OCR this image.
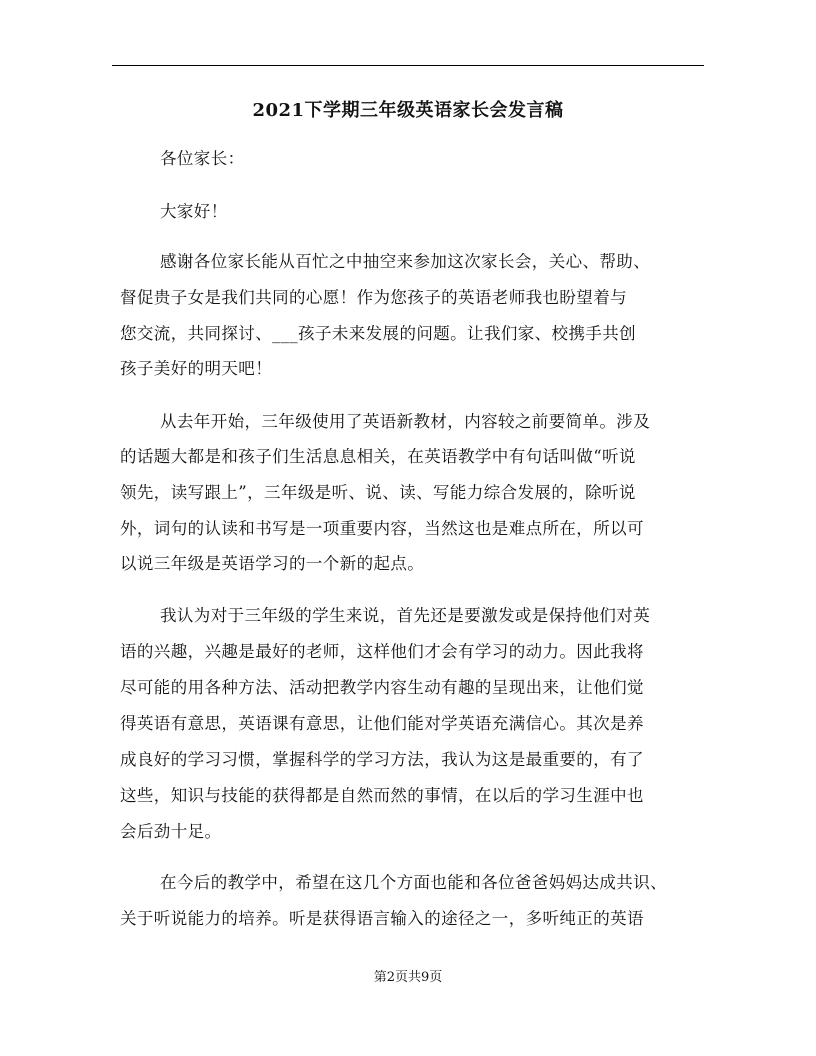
2021下学期三年级英语家长会发言稿
各位家长：
大家好！
感谢各位家长能从百忙之中抽空来参加这次家长会，关心、帮助、
督促贵子女是我们共同的心愿！作为您孩子的英语老师我也盼望着与
您交流，共同探讨、___孩子未来发展的问题。让我们家、校携手共创
孩子美好的明天吧！
从去年开始，三年级使用了英语新教材，内容较之前要简单。涉及
的话题大都是和孩子们生活息息相关，在英语教学中有句话叫做“听说
领先，读写跟上”，三年级是听、说、读、写能力综合发展的，除听说
外，词句的认读和书写是一项重要内容，当然这也是难点所在，所以可
以说三年级是英语学习的一个新的起点。
我认为对于三年级的学生来说，首先还是要激发或是保持他们对英
语的兴趣，兴趣是最好的老师，这样他们才会有学习的动力。因此我将
尽可能的用各种方法、活动把教学内容生动有趣的呈现出来，让他们觉
得英语有意思，英语课有意思，让他们能对学英语充满信心。其次是养
成良好的学习习惯，掌握科学的学习方法，我认为这是最重要的，有了
这些，知识与技能的获得都是自然而然的事情，在以后的学习生涯中也
会后劲十足。
在今后的教学中，希望在这几个方面也能和各位爸爸妈妈达成共识、
关于听说能力的培养。听是获得语言输入的途径之一，多听纯正的英语
第2页共9页
